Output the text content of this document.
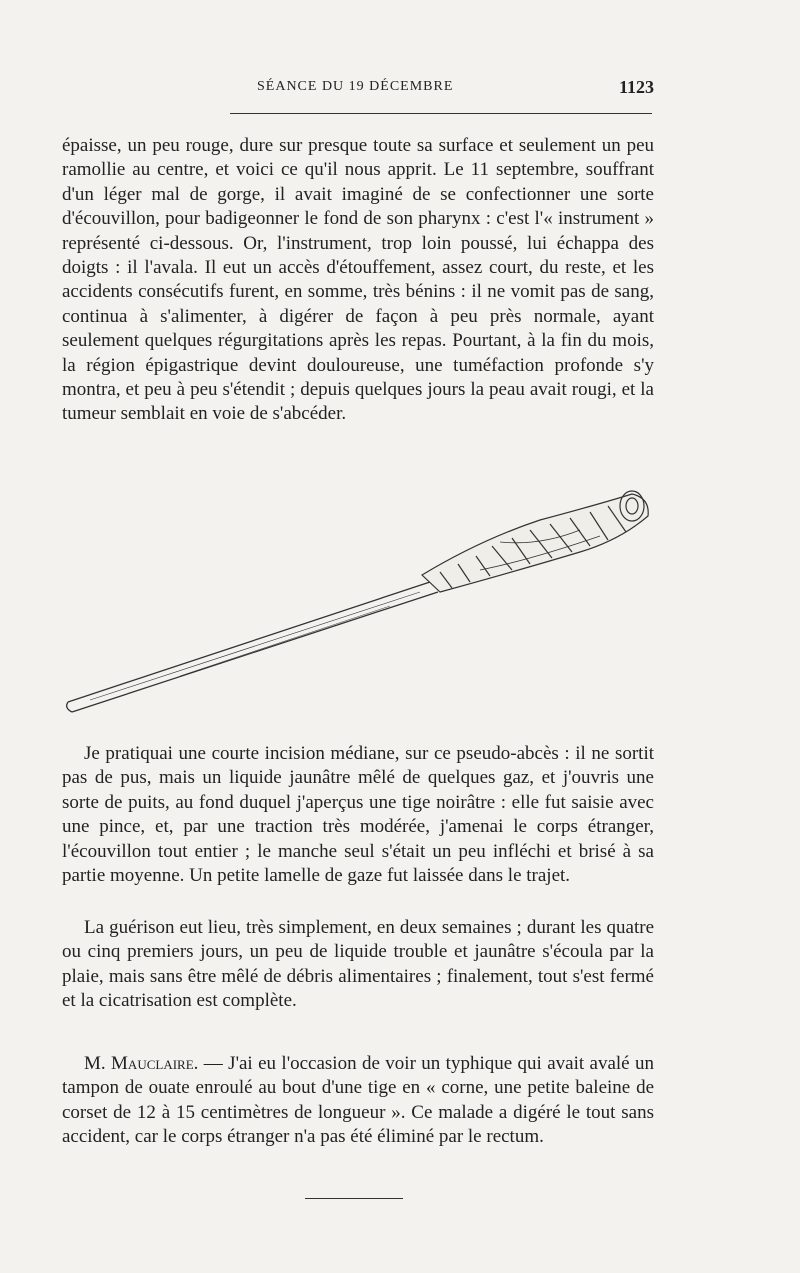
SÉANCE DU 19 DÉCEMBRE	1123

épaisse, un peu rouge, dure sur presque toute sa surface et seulement un peu ramollie au centre, et voici ce qu'il nous apprit. Le 11 septembre, souffrant d'un léger mal de gorge, il avait imaginé de se confectionner une sorte d'écouvillon, pour badigeonner le fond de son pharynx : c'est l'« instrument » représenté ci-dessous. Or, l'instrument, trop loin poussé, lui échappa des doigts : il l'avala. Il eut un accès d'étouffement, assez court, du reste, et les accidents consécutifs furent, en somme, très bénins : il ne vomit pas de sang, continua à s'alimenter, à digérer de façon à peu près normale, ayant seulement quelques régurgitations après les repas. Pourtant, à la fin du mois, la région épigastrique devint douloureuse, une tuméfaction profonde s'y montra, et peu à peu s'étendit ; depuis quelques jours la peau avait rougi, et la tumeur semblait en voie de s'abcéder.

Je pratiquai une courte incision médiane, sur ce pseudo-abcès : il ne sortit pas de pus, mais un liquide jaunâtre mêlé de quelques gaz, et j'ouvris une sorte de puits, au fond duquel j'aperçus une tige noirâtre : elle fut saisie avec une pince, et, par une traction très modérée, j'amenai le corps étranger, l'écouvillon tout entier ; le manche seul s'était un peu infléchi et brisé à sa partie moyenne. Un petite lamelle de gaze fut laissée dans le trajet.

La guérison eut lieu, très simplement, en deux semaines ; durant les quatre ou cinq premiers jours, un peu de liquide trouble et jaunâtre s'écoula par la plaie, mais sans être mêlé de débris alimentaires ; finalement, tout s'est fermé et la cicatrisation est complète.

M. Mauclaire. — J'ai eu l'occasion de voir un typhique qui avait avalé un tampon de ouate enroulé au bout d'une tige en « corne, une petite baleine de corset de 12 à 15 centimètres de longueur ». Ce malade a digéré le tout sans accident, car le corps étranger n'a pas été éliminé par le rectum.
